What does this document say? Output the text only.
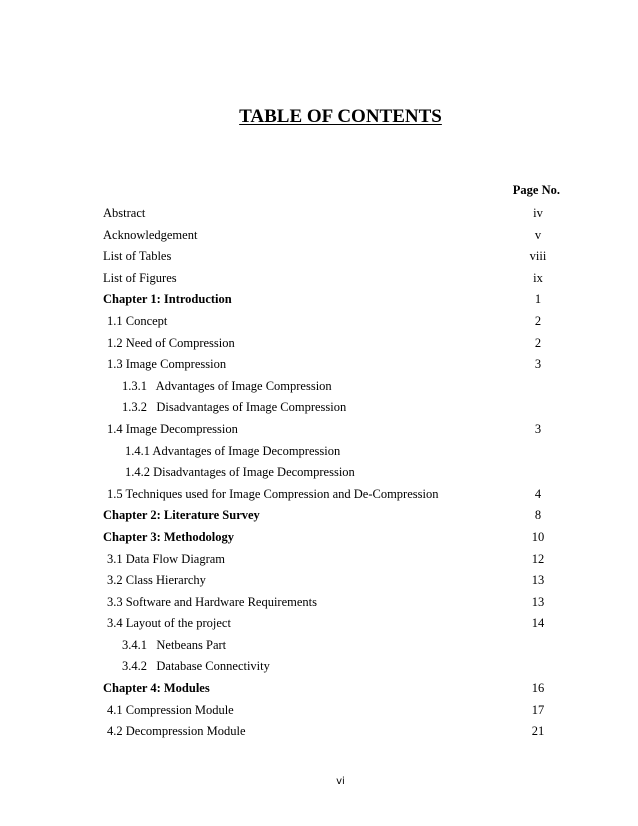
TABLE OF CONTENTS
Page No.
Abstract	iv
Acknowledgement	v
List of Tables	viii
List of Figures	ix
Chapter 1: Introduction	1
1.1 Concept	2
1.2 Need of Compression	2
1.3 Image Compression	3
1.3.1   Advantages of Image Compression
1.3.2   Disadvantages of Image Compression
1.4 Image Decompression	3
1.4.1 Advantages of Image Decompression
1.4.2 Disadvantages of Image Decompression
1.5 Techniques used for Image Compression and De-Compression	4
Chapter 2: Literature Survey	8
Chapter 3: Methodology	10
3.1 Data Flow Diagram	12
3.2 Class Hierarchy	13
3.3 Software and Hardware Requirements	13
3.4 Layout of the project	14
3.4.1   Netbeans Part
3.4.2   Database Connectivity
Chapter 4: Modules	16
4.1 Compression Module	17
4.2 Decompression Module	21
vi
